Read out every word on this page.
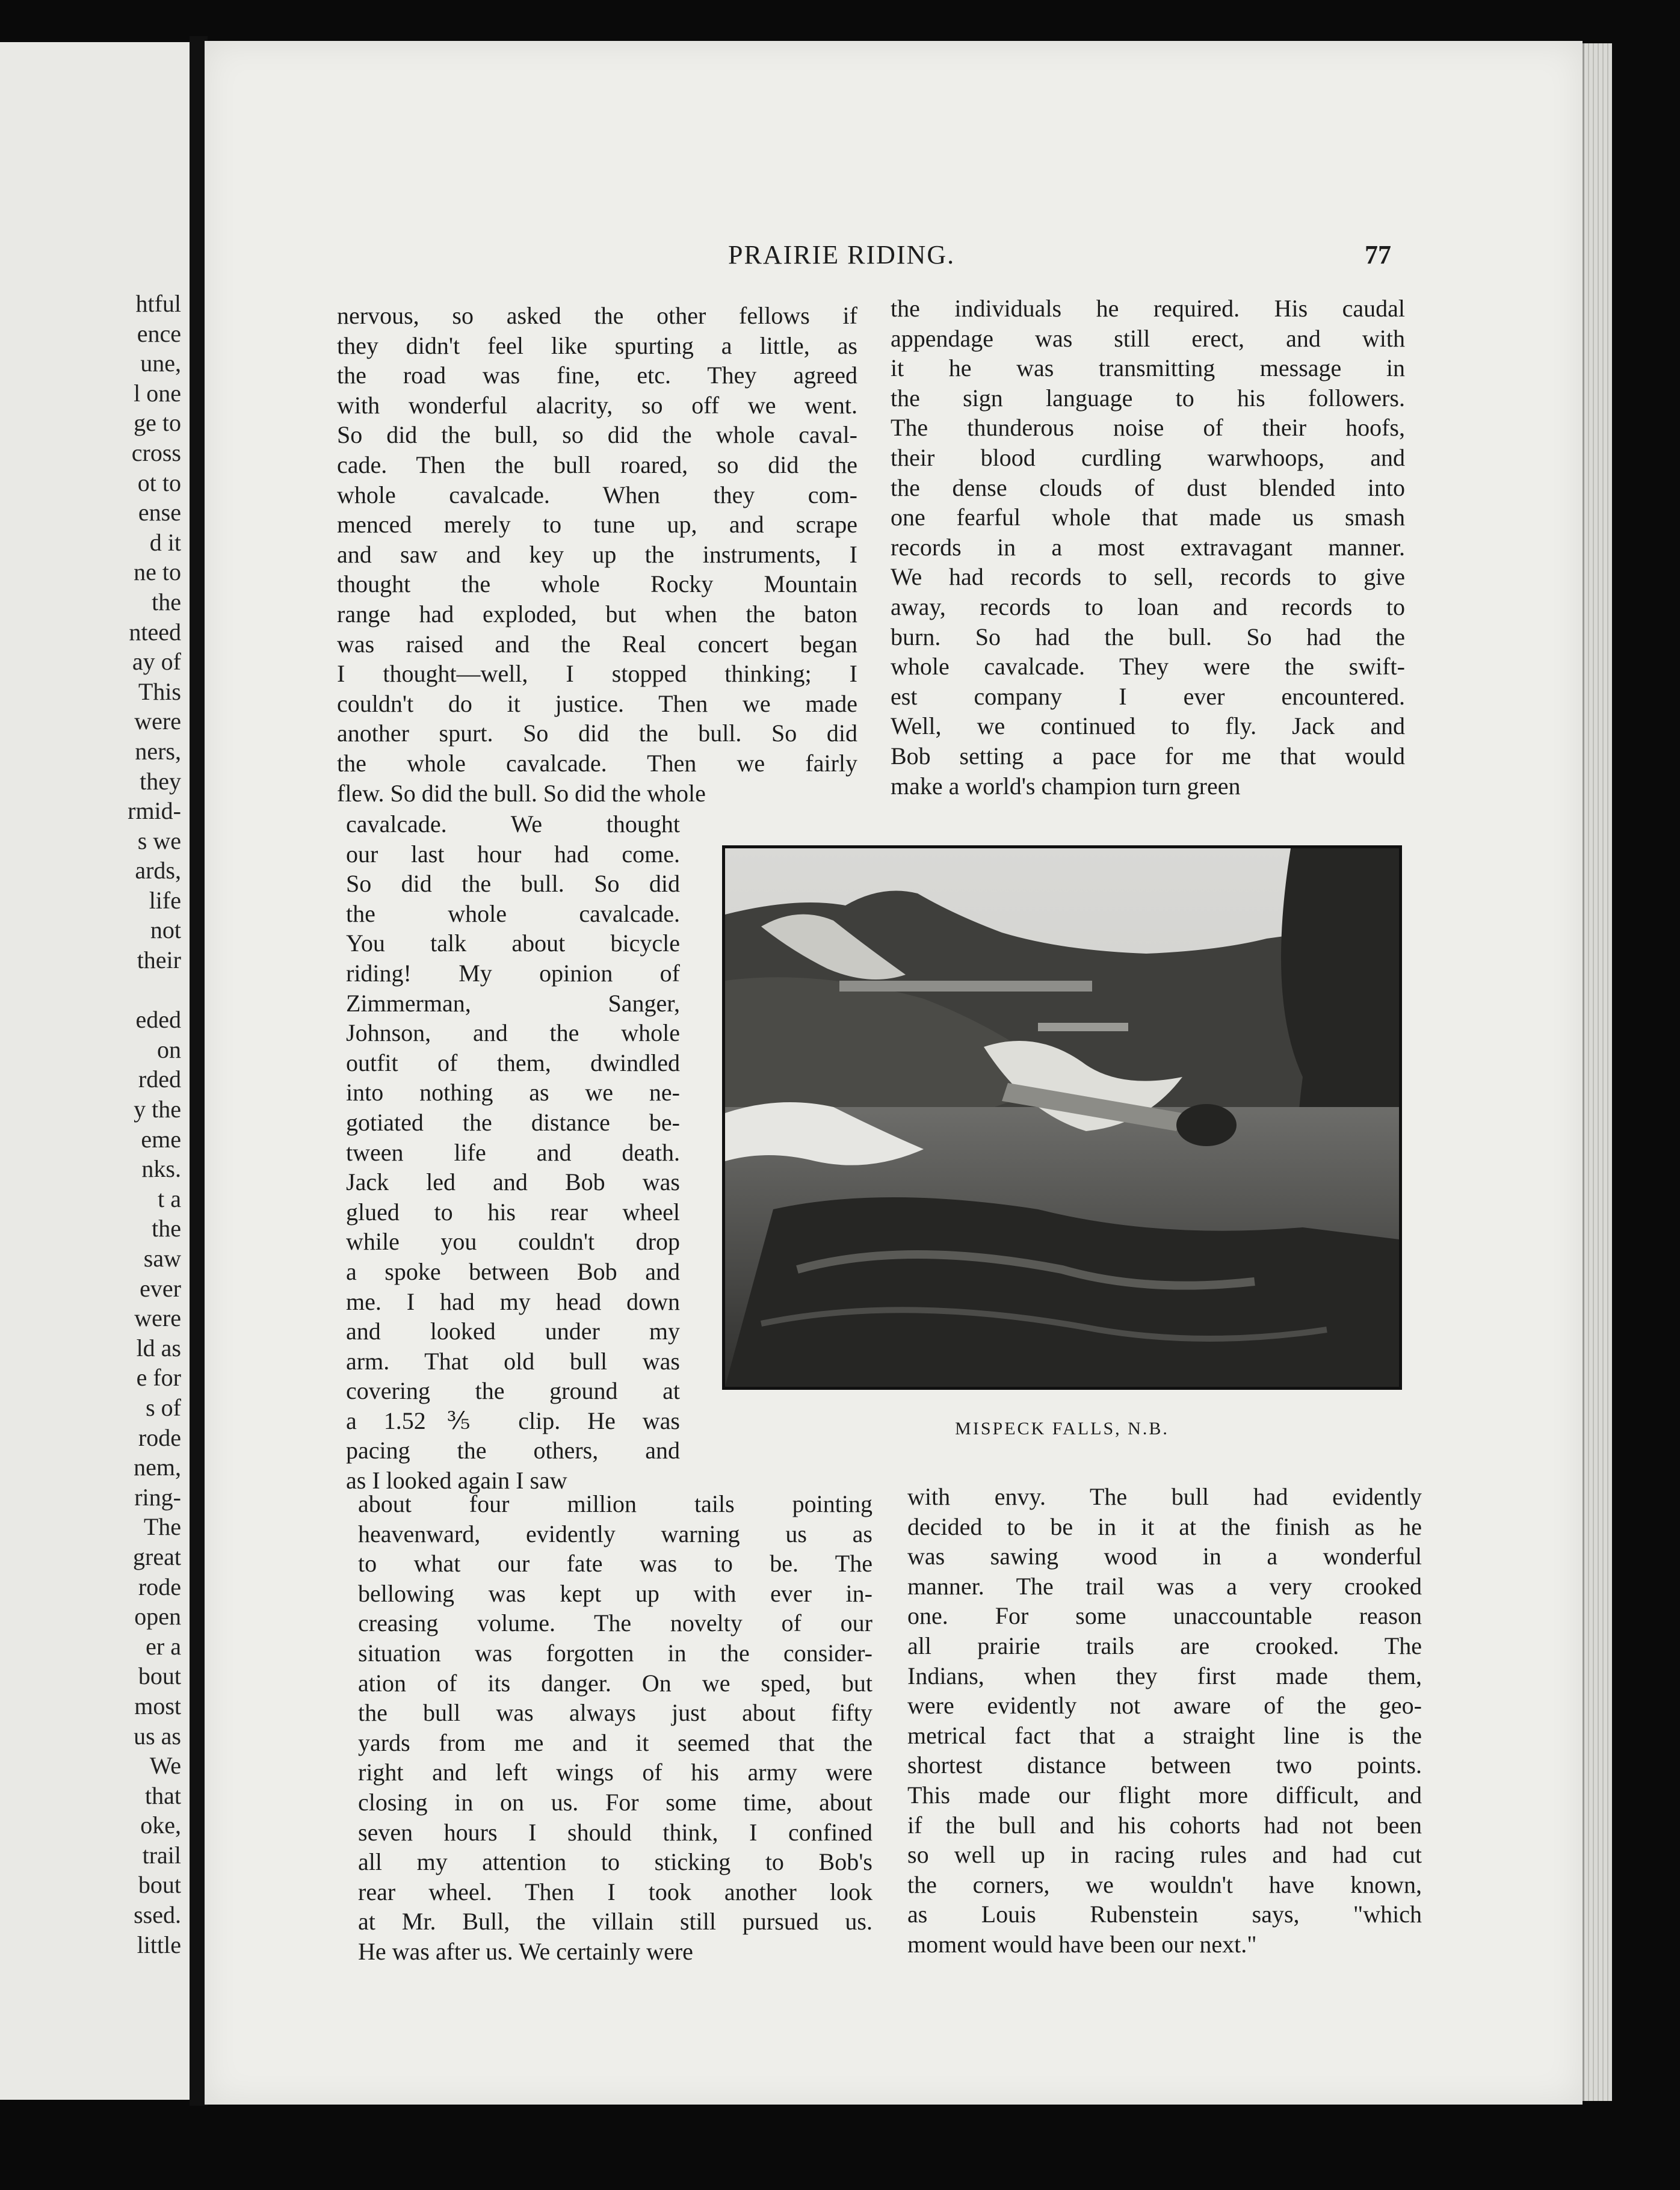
htful
ence
une,
l one
ge to
cross
ot to
ense
d it
ne to
the
nteed
ay of
This
were
ners,
they
rmid-
s we
ards,
life
not
their
eded
on
rded
y the
eme
nks.
t a
the
saw
ever
were
ld as
e for
s of
rode
nem,
ring-
The
great
rode
open
er a
bout
most
us as
We
that
oke,
trail
bout
ssed.
little
PRAIRIE RIDING.	77
nervous, so asked the other fellows if
they didn't feel like spurting a little, as
the road was fine, etc. They agreed
with wonderful alacrity, so off we went.
So did the bull, so did the whole caval-
cade. Then the bull roared, so did the
whole cavalcade. When they com-
menced merely to tune up, and scrape
and saw and key up the instruments, I
thought the whole Rocky Mountain
range had exploded, but when the baton
was raised and the Real concert began
I thought—well, I stopped thinking; I
couldn't do it justice. Then we made
another spurt. So did the bull. So did
the whole cavalcade. Then we fairly
flew. So did the bull. So did the whole
cavalcade. We thought
our last hour had come.
So did the bull. So did
the whole cavalcade.
You talk about bicycle
riding! My opinion of
Zimmerman, Sanger,
Johnson, and the whole
outfit of them, dwindled
into nothing as we ne-
gotiated the distance be-
tween life and death.
Jack led and Bob was
glued to his rear wheel
while you couldn't drop
a spoke between Bob and
me. I had my head down
and looked under my
arm. That old bull was
covering the ground at
a 1.52⅗ clip. He was
pacing the others, and
as I looked again I saw
about four million tails pointing
heavenward, evidently warning us as
to what our fate was to be. The
bellowing was kept up with ever in-
creasing volume. The novelty of our
situation was forgotten in the consider-
ation of its danger. On we sped, but
the bull was always just about fifty
yards from me and it seemed that the
right and left wings of his army were
closing in on us. For some time, about
seven hours I should think, I confined
all my attention to sticking to Bob's
rear wheel. Then I took another look
at Mr. Bull, the villain still pursued us.
He was after us. We certainly were
the individuals he required. His caudal
appendage was still erect, and with
it he was transmitting message in
the sign language to his followers.
The thunderous noise of their hoofs,
their blood curdling warwhoops, and
the dense clouds of dust blended into
one fearful whole that made us smash
records in a most extravagant manner.
We had records to sell, records to give
away, records to loan and records to
burn. So had the bull. So had the
whole cavalcade. They were the swift-
est company I ever encountered.
Well, we continued to fly. Jack and
Bob setting a pace for me that would
make a world's champion turn green
with envy. The bull had evidently
decided to be in it at the finish as he
was sawing wood in a wonderful
manner. The trail was a very crooked
one. For some unaccountable reason
all prairie trails are crooked. The
Indians, when they first made them,
were evidently not aware of the geo-
metrical fact that a straight line is the
shortest distance between two points.
This made our flight more difficult, and
if the bull and his cohorts had not been
so well up in racing rules and had cut
the corners, we wouldn't have known,
as Louis Rubenstein says, "which
moment would have been our next."
MISPECK FALLS, N.B.
